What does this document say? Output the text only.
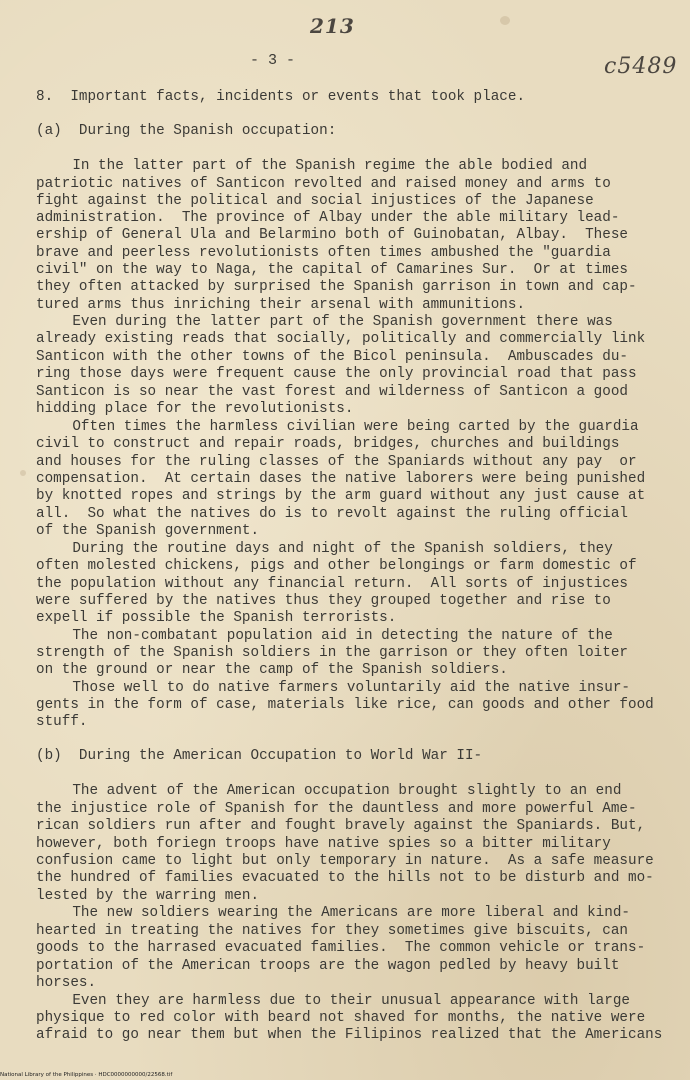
213
c5489
- 3 -
8.  Important facts, incidents or events that took place.
(a)  During the Spanish occupation:
In the latter part of the Spanish regime the able bodied and
patriotic natives of Santicon revolted and raised money and arms to
fight against the political and social injustices of the Japanese
administration.  The province of Albay under the able military lead-
ership of General Ula and Belarmino both of Guinobatan, Albay.  These
brave and peerless revolutionists often times ambushed the "guardia
civil" on the way to Naga, the capital of Camarines Sur.  Or at times
they often attacked by surprised the Spanish garrison in town and cap-
tured arms thus inriching their arsenal with ammunitions.
Even during the latter part of the Spanish government there was
already existing reads that socially, politically and commercially link
Santicon with the other towns of the Bicol peninsula.  Ambuscades du-
ring those days were frequent cause the only provincial road that pass
Santicon is so near the vast forest and wilderness of Santicon a good
hidding place for the revolutionists.
Often times the harmless civilian were being carted by the guardia
civil to construct and repair roads, bridges, churches and buildings
and houses for the ruling classes of the Spaniards without any pay  or
compensation.  At certain dases the native laborers were being punished
by knotted ropes and strings by the arm guard without any just cause at
all.  So what the natives do is to revolt against the ruling official
of the Spanish government.
During the routine days and night of the Spanish soldiers, they
often molested chickens, pigs and other belongings or farm domestic of
the population without any financial return.  All sorts of injustices
were suffered by the natives thus they grouped together and rise to
expell if possible the Spanish terrorists.
The non-combatant population aid in detecting the nature of the
strength of the Spanish soldiers in the garrison or they often loiter
on the ground or near the camp of the Spanish soldiers.
Those well to do native farmers voluntarily aid the native insur-
gents in the form of case, materials like rice, can goods and other food
stuff.
(b)  During the American Occupation to World War II-
The advent of the American occupation brought slightly to an end
the injustice role of Spanish for the dauntless and more powerful Ame-
rican soldiers run after and fought bravely against the Spaniards. But,
however, both foriegn troops have native spies so a bitter military
confusion came to light but only temporary in nature.  As a safe measure
the hundred of families evacuated to the hills not to be disturb and mo-
lested by the warring men.
The new soldiers wearing the Americans are more liberal and kind-
hearted in treating the natives for they sometimes give biscuits, can
goods to the harrased evacuated families.  The common vehicle or trans-
portation of the American troops are the wagon pedled by heavy built
horses.
Even they are harmless due to their unusual appearance with large
physique to red color with beard not shaved for months, the native were
afraid to go near them but when the Filipinos realized that the Americans
National Library of the Philippines · HDC0000000000/22568.tif
